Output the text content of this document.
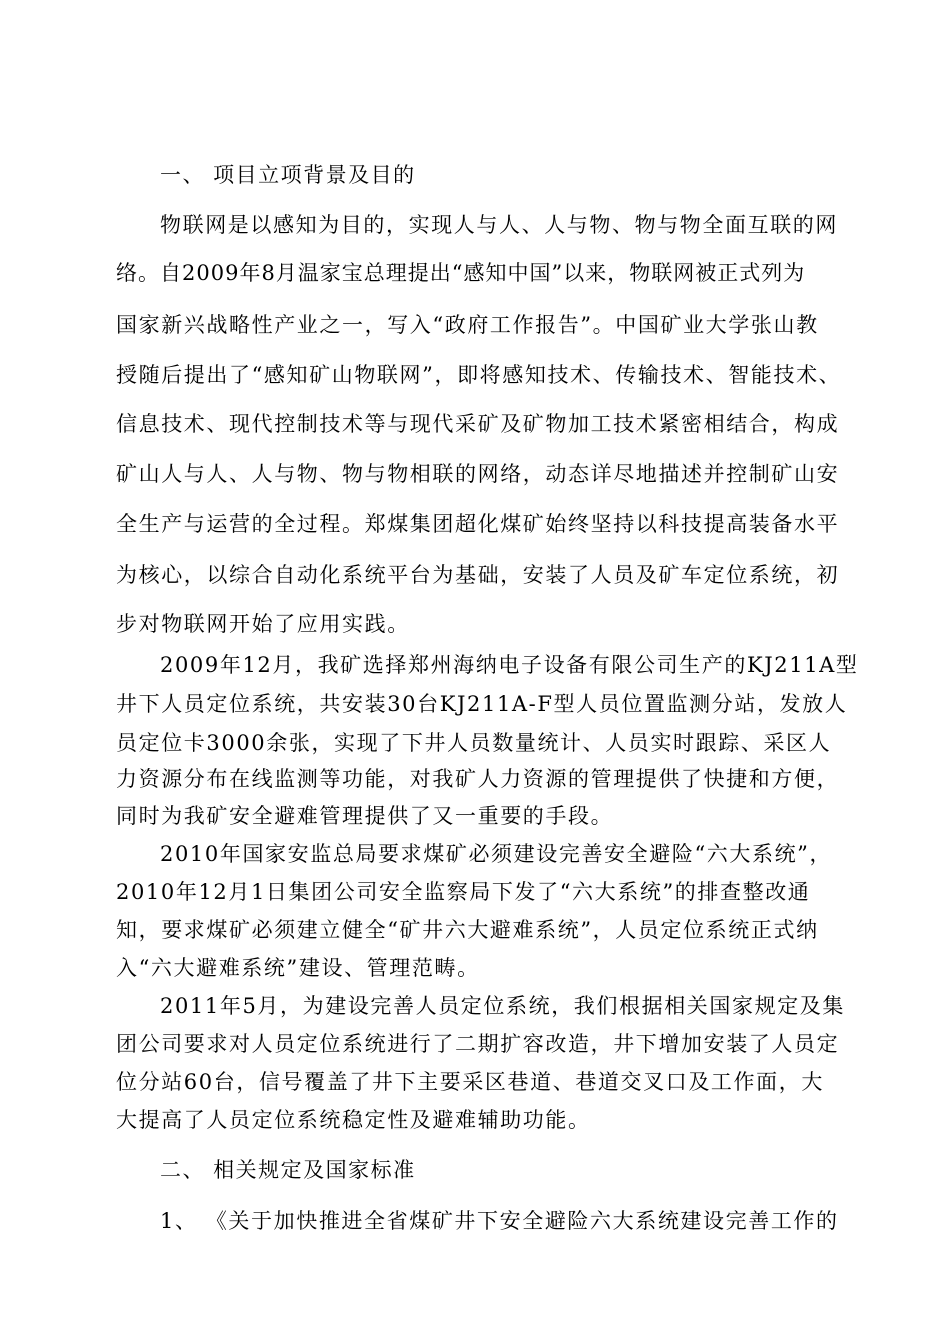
一、 项目立项背景及目的
物联网是以感知为目的，实现人与人、人与物、物与物全面互联的网
络。自2009年8月温家宝总理提出“感知中国”以来，物联网被正式列为
国家新兴战略性产业之一，写入“政府工作报告”。中国矿业大学张山教
授随后提出了“感知矿山物联网”，即将感知技术、传输技术、智能技术、
信息技术、现代控制技术等与现代采矿及矿物加工技术紧密相结合，构成
矿山人与人、人与物、物与物相联的网络，动态详尽地描述并控制矿山安
全生产与运营的全过程。郑煤集团超化煤矿始终坚持以科技提高装备水平
为核心，以综合自动化系统平台为基础，安装了人员及矿车定位系统，初
步对物联网开始了应用实践。
2009年12月，我矿选择郑州海纳电子设备有限公司生产的KJ211A型
井下人员定位系统，共安装30台KJ211A-F型人员位置监测分站，发放人
员定位卡3000余张，实现了下井人员数量统计、人员实时跟踪、采区人
力资源分布在线监测等功能，对我矿人力资源的管理提供了快捷和方便，
同时为我矿安全避难管理提供了又一重要的手段。
2010年国家安监总局要求煤矿必须建设完善安全避险“六大系统”，
2010年12月1日集团公司安全监察局下发了“六大系统”的排查整改通
知，要求煤矿必须建立健全“矿井六大避难系统”，人员定位系统正式纳
入“六大避难系统”建设、管理范畴。
2011年5月，为建设完善人员定位系统，我们根据相关国家规定及集
团公司要求对人员定位系统进行了二期扩容改造，井下增加安装了人员定
位分站60台，信号覆盖了井下主要采区巷道、巷道交叉口及工作面，大
大提高了人员定位系统稳定性及避难辅助功能。
二、 相关规定及国家标准
1、 《关于加快推进全省煤矿井下安全避险六大系统建设完善工作的
